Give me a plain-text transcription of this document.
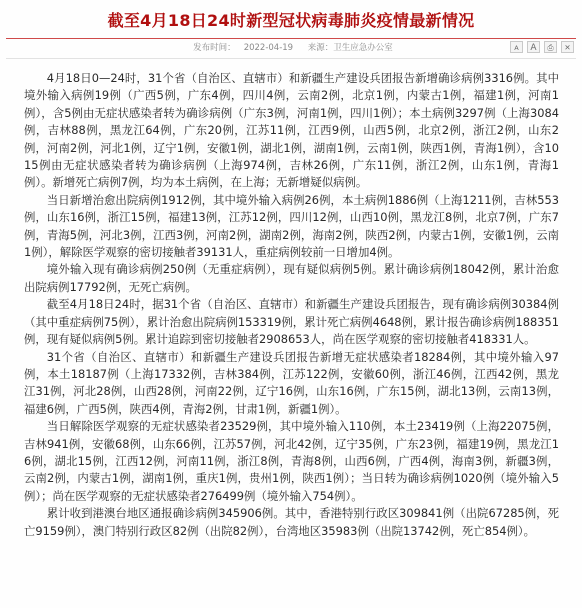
截至4月18日24时新型冠状病毒肺炎疫情最新情况
发布时间： 2022-04-19 来源：卫生应急办公室	A	A	⎙	✕

4月18日0—24时，31个省（自治区、直辖市）和新疆生产建设兵团报告新增确诊病例3316例。其中境外输入病例19例（广西5例，广东4例，四川4例，云南2例，北京1例，内蒙古1例，福建1例，河南1例），含5例由无症状感染者转为确诊病例（广东3例，河南1例，四川1例）；本土病例3297例（上海3084例，吉林88例，黑龙江64例，广东20例，江苏11例，江西9例，山西5例，北京2例，浙江2例，山东2例，河南2例，河北1例，辽宁1例，安徽1例，湖北1例，湖南1例，云南1例，陕西1例，青海1例），含1015例由无症状感染者转为确诊病例（上海974例，吉林26例，广东11例，浙江2例，山东1例，青海1例）。新增死亡病例7例，均为本土病例，在上海；无新增疑似病例。

当日新增治愈出院病例1912例，其中境外输入病例26例，本土病例1886例（上海1211例，吉林553例，山东16例，浙江15例，福建13例，江苏12例，四川12例，山西10例，黑龙江8例，北京7例，广东7例，青海5例，河北3例，江西3例，河南2例，湖南2例，海南2例，陕西2例，内蒙古1例，安徽1例，云南1例），解除医学观察的密切接触者39131人，重症病例较前一日增加4例。

境外输入现有确诊病例250例（无重症病例），现有疑似病例5例。累计确诊病例18042例，累计治愈出院病例17792例，无死亡病例。

截至4月18日24时，据31个省（自治区、直辖市）和新疆生产建设兵团报告，现有确诊病例30384例（其中重症病例75例），累计治愈出院病例153319例，累计死亡病例4648例，累计报告确诊病例188351例，现有疑似病例5例。累计追踪到密切接触者2908653人，尚在医学观察的密切接触者418331人。

31个省（自治区、直辖市）和新疆生产建设兵团报告新增无症状感染者18284例，其中境外输入97例，本土18187例（上海17332例，吉林384例，江苏122例，安徽60例，浙江46例，江西42例，黑龙江31例，河北28例，山西28例，河南22例，辽宁16例，山东16例，广东15例，湖北13例，云南13例，福建6例，广西5例，陕西4例，青海2例，甘肃1例，新疆1例）。

当日解除医学观察的无症状感染者23529例，其中境外输入110例，本土23419例（上海22075例，吉林941例，安徽68例，山东66例，江苏57例，河北42例，辽宁35例，广东23例，福建19例，黑龙江16例，湖北15例，江西12例，河南11例，浙江8例，青海8例，山西6例，广西4例，海南3例，新疆3例，云南2例，内蒙古1例，湖南1例，重庆1例，贵州1例，陕西1例）；当日转为确诊病例1020例（境外输入5例）；尚在医学观察的无症状感染者276499例（境外输入754例）。

累计收到港澳台地区通报确诊病例345906例。其中，香港特别行政区309841例（出院67285例，死亡9159例），澳门特别行政区82例（出院82例），台湾地区35983例（出院13742例，死亡854例）。
